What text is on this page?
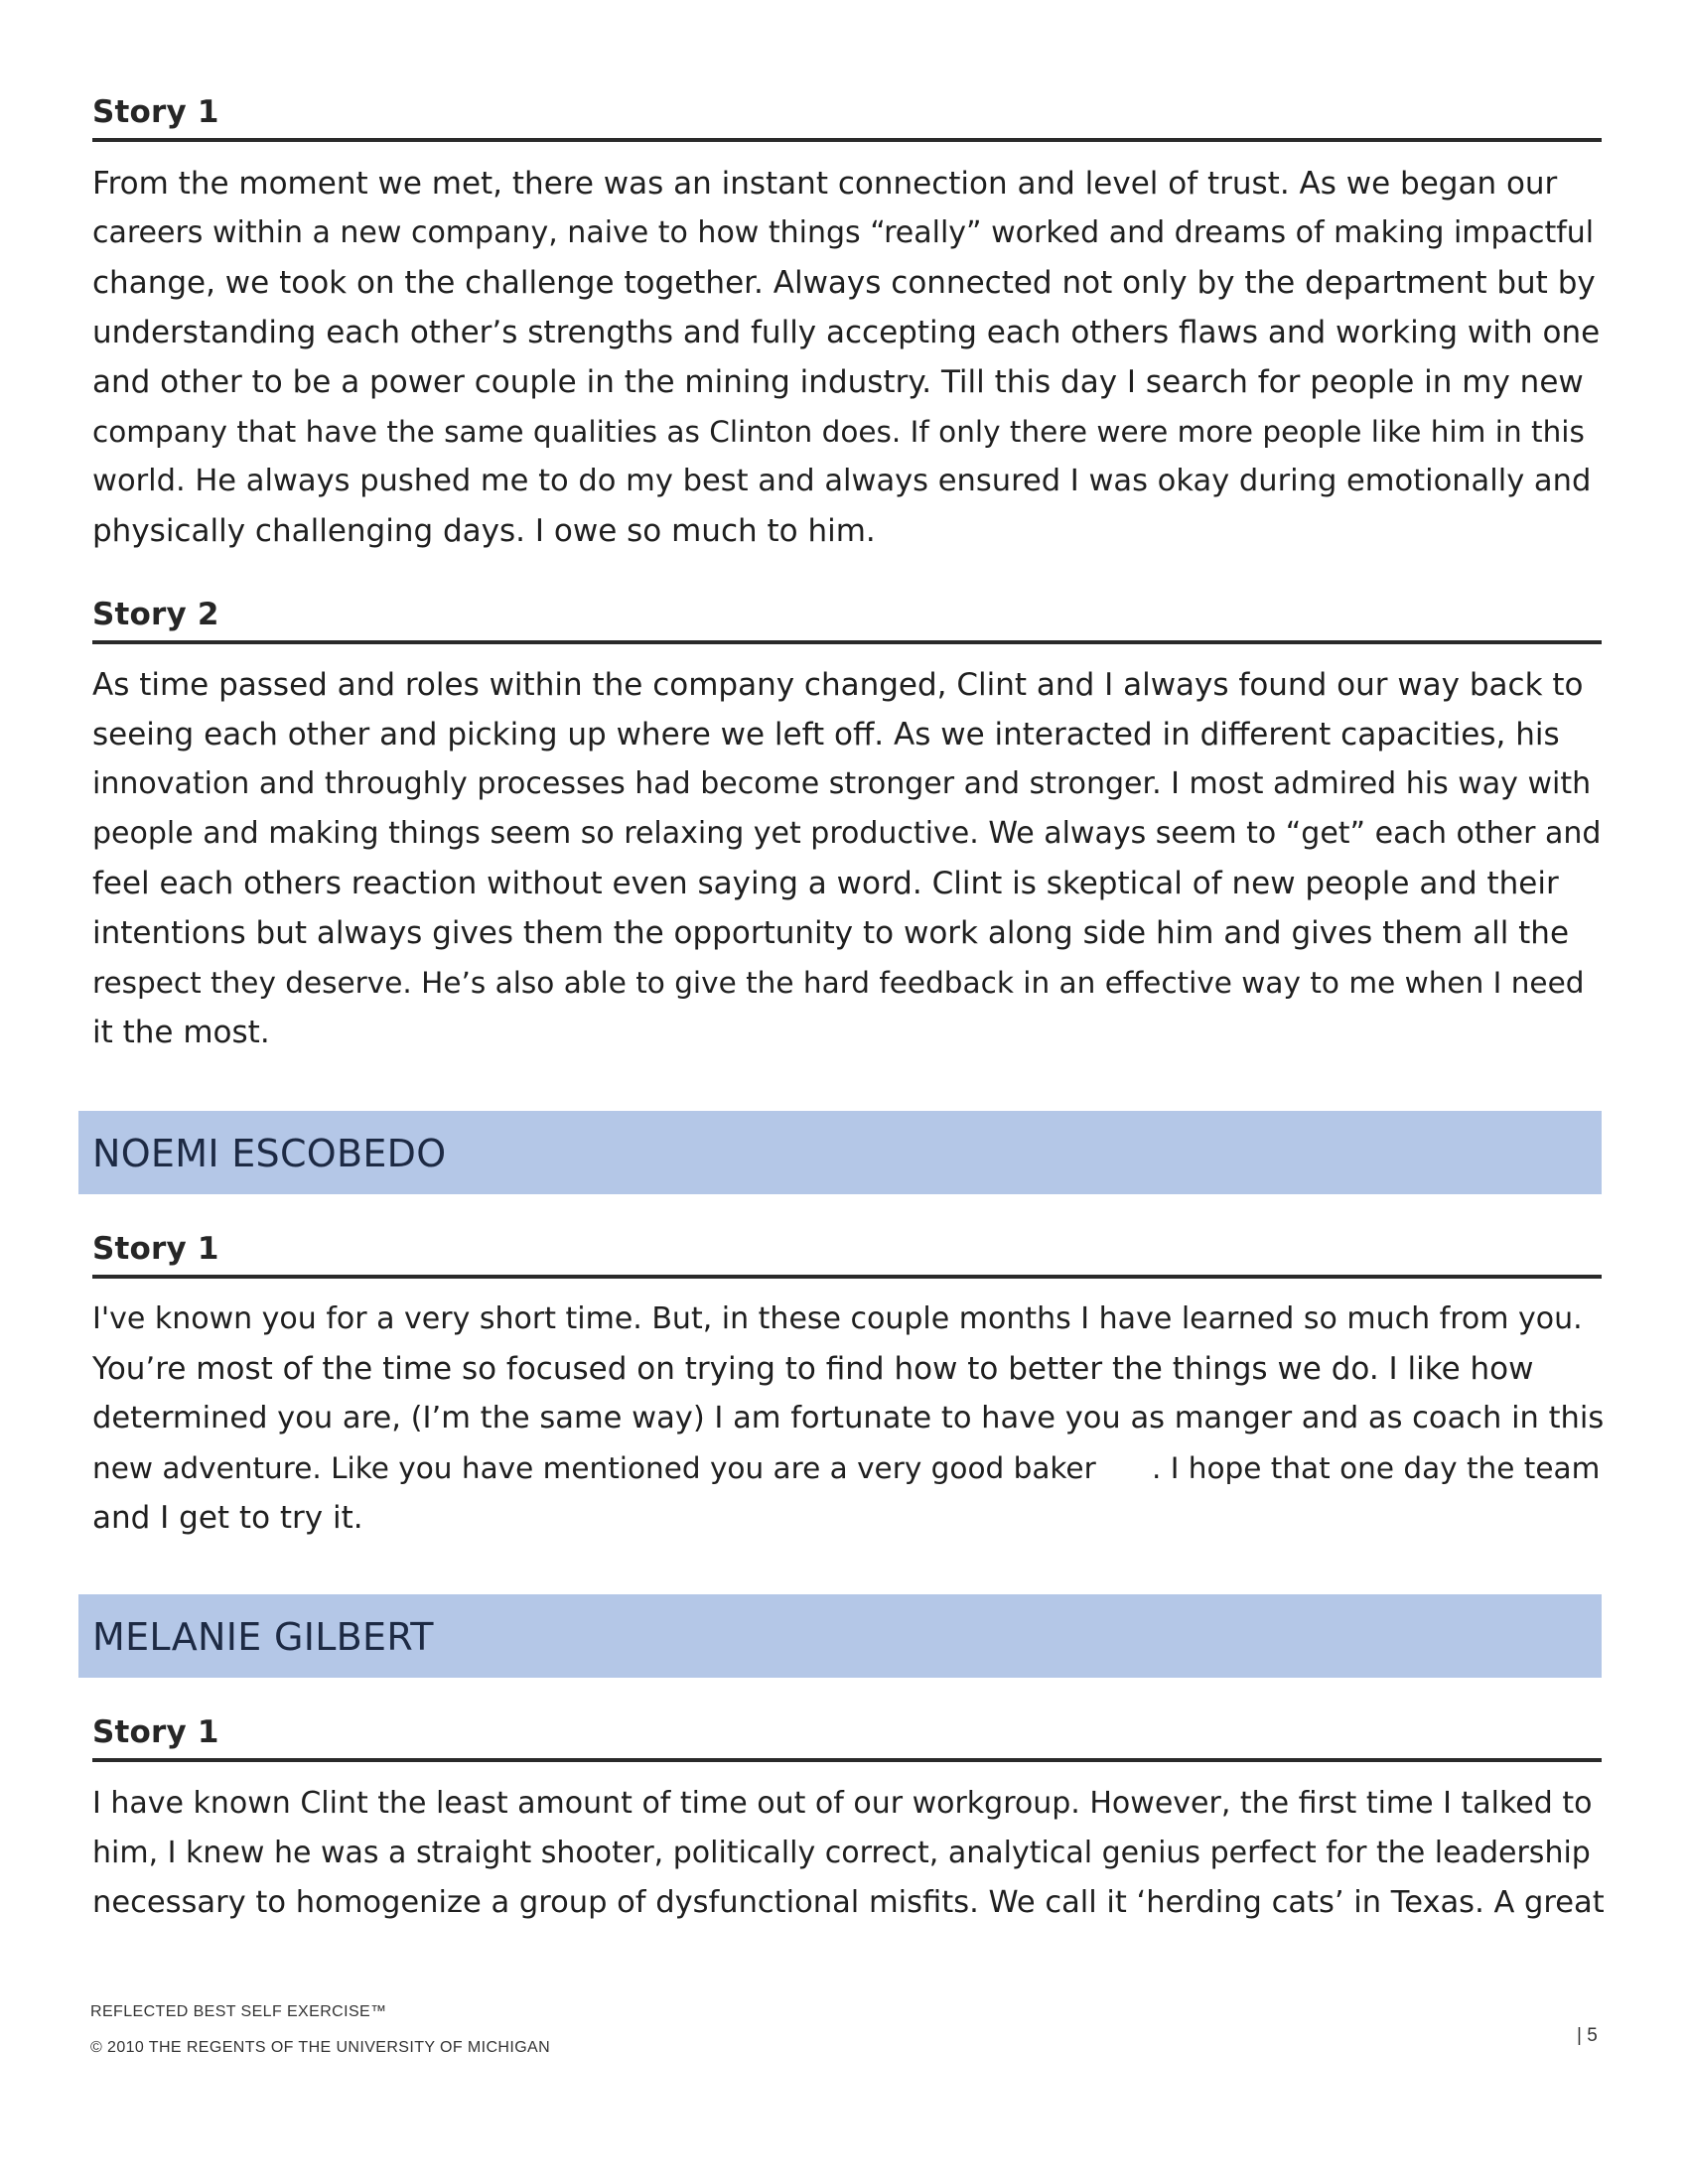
Story 1
From the moment we met, there was an instant connection and level of trust. As we began our
careers within a new company, naive to how things “really” worked and dreams of making impactful
change, we took on the challenge together. Always connected not only by the department but by
understanding each other’s strengths and fully accepting each others flaws and working with one
and other to be a power couple in the mining industry. Till this day I search for people in my new
company that have the same qualities as Clinton does. If only there were more people like him in this
world. He always pushed me to do my best and always ensured I was okay during emotionally and
physically challenging days. I owe so much to him.
Story 2
As time passed and roles within the company changed, Clint and I always found our way back to
seeing each other and picking up where we left off. As we interacted in different capacities, his
innovation and throughly processes had become stronger and stronger. I most admired his way with
people and making things seem so relaxing yet productive. We always seem to “get” each other and
feel each others reaction without even saying a word. Clint is skeptical of new people and their
intentions but always gives them the opportunity to work along side him and gives them all the
respect they deserve. He’s also able to give the hard feedback in an effective way to me when I need
it the most.
NOEMI ESCOBEDO
Story 1
I've known you for a very short time. But, in these couple months I have learned so much from you.
You’re most of the time so focused on trying to find how to better the things we do. I like how
determined you are, (I’m the same way) I am fortunate to have you as manger and as coach in this
new adventure. Like you have mentioned you are a very good baker      . I hope that one day the team
and I get to try it.
MELANIE GILBERT
Story 1
I have known Clint the least amount of time out of our workgroup. However, the first time I talked to
him, I knew he was a straight shooter, politically correct, analytical genius perfect for the leadership
necessary to homogenize a group of dysfunctional misfits. We call it ‘herding cats’ in Texas. A great
REFLECTED BEST SELF EXERCISE™
© 2010 THE REGENTS OF THE UNIVERSITY OF MICHIGAN
| 5
